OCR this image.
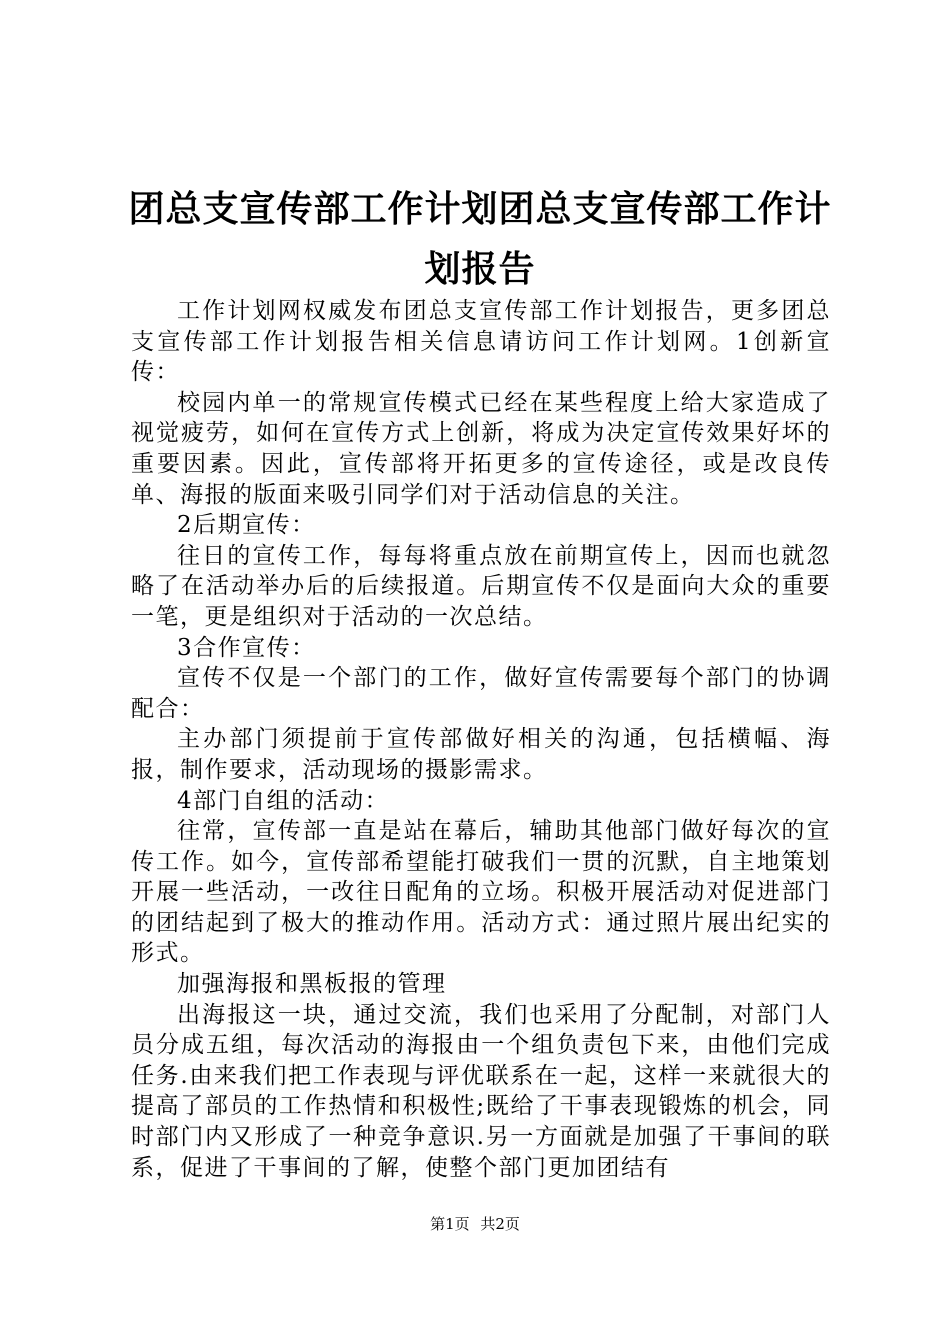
团总支宣传部工作计划团总支宣传部工作计划报告

工作计划网权威发布团总支宣传部工作计划报告，更多团总支宣传部工作计划报告相关信息请访问工作计划网。1创新宣传：

校园内单一的常规宣传模式已经在某些程度上给大家造成了视觉疲劳，如何在宣传方式上创新，将成为决定宣传效果好坏的重要因素。因此，宣传部将开拓更多的宣传途径，或是改良传单、海报的版面来吸引同学们对于活动信息的关注。

2后期宣传：

往日的宣传工作，每每将重点放在前期宣传上，因而也就忽略了在活动举办后的后续报道。后期宣传不仅是面向大众的重要一笔，更是组织对于活动的一次总结。

3合作宣传：

宣传不仅是一个部门的工作，做好宣传需要每个部门的协调配合：

主办部门须提前于宣传部做好相关的沟通，包括横幅、海报，制作要求，活动现场的摄影需求。

4部门自组的活动：

往常，宣传部一直是站在幕后，辅助其他部门做好每次的宣传工作。如今，宣传部希望能打破我们一贯的沉默，自主地策划开展一些活动，一改往日配角的立场。积极开展活动对促进部门的团结起到了极大的推动作用。活动方式：通过照片展出纪实的形式。

加强海报和黑板报的管理

出海报这一块，通过交流，我们也采用了分配制，对部门人员分成五组，每次活动的海报由一个组负责包下来，由他们完成任务.由来我们把工作表现与评优联系在一起，这样一来就很大的提高了部员的工作热情和积极性;既给了干事表现锻炼的机会，同时部门内又形成了一种竞争意识.另一方面就是加强了干事间的联系，促进了干事间的了解，使整个部门更加团结有

第1页 共2页
